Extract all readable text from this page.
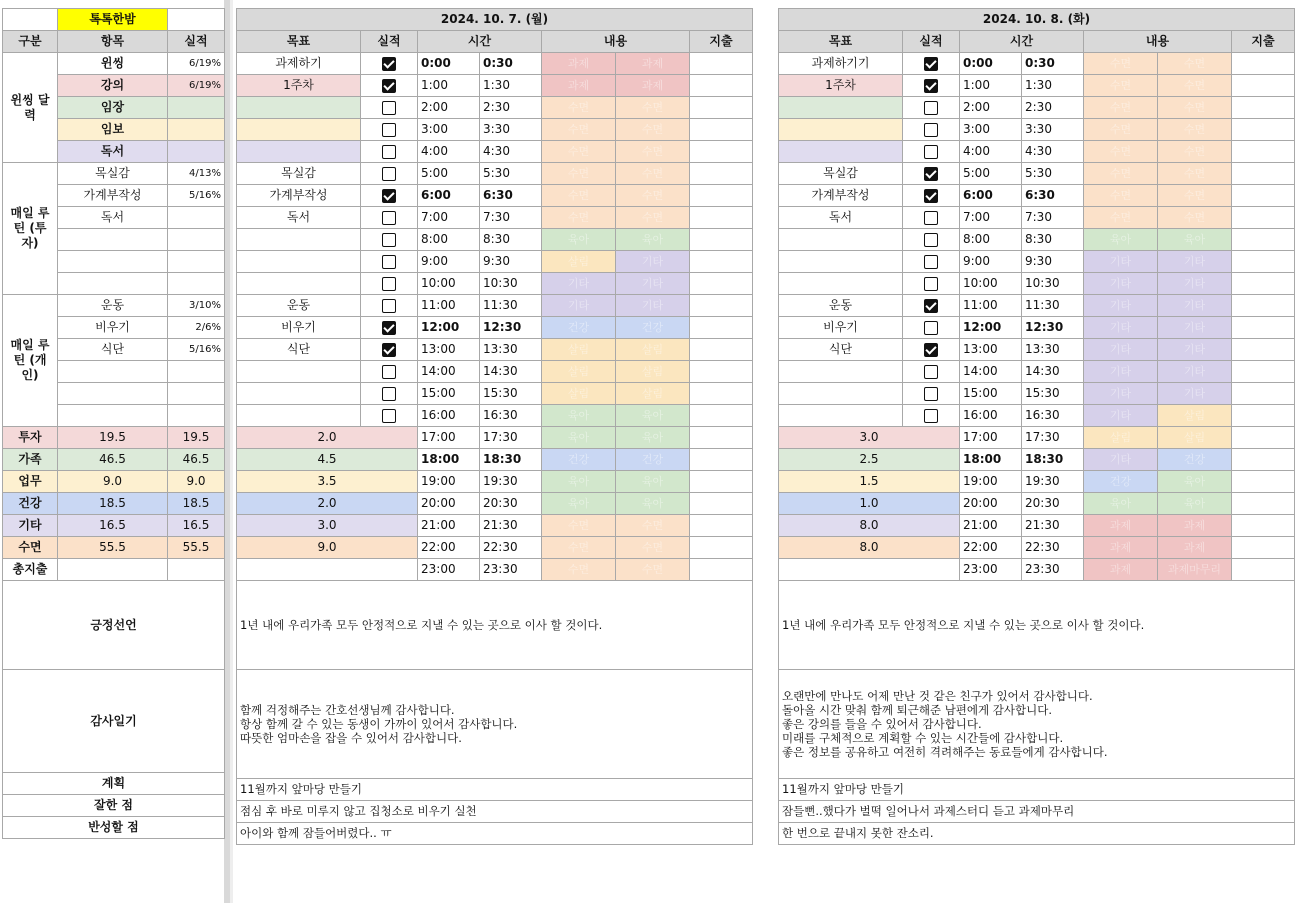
	톡톡한밤	
구분	항목	실적
윈씽 달력	윈씽	6/19%
	강의	6/19%
	임장	
	임보	
	독서	
매일 루틴 (투자)	목실감	4/13%
	가계부작성	5/16%
	독서	

매일 루틴 (개인)	운동	3/10%
	비우기	2/6%
	식단	5/16%

투자	19.5	19.5
가족	46.5	46.5
업무	9.0	9.0
건강	18.5	18.5
기타	16.5	16.5
수면	55.5	55.5
총지출		
긍정선언		
감사일기		
계획		
잘한 점		
반성할 점		
2024. 10. 7. (월)						
목표	실적	시간		내용		지출
과제하기		0:00	0:30	과제	과제	
1주차		1:00	1:30	과제	과제	
		2:00	2:30	수면	수면	
		3:00	3:30	수면	수면	
		4:00	4:30	수면	수면	
목실감		5:00	5:30	수면	수면	
가계부작성		6:00	6:30	수면	수면	
독서		7:00	7:30	수면	수면	
		8:00	8:30	육아	육아	
		9:00	9:30	살림	기타	
		10:00	10:30	기타	기타	
운동		11:00	11:30	기타	기타	
비우기		12:00	12:30	건강	건강	
식단		13:00	13:30	살림	살림	
		14:00	14:30	살림	살림	
		15:00	15:30	살림	살림	
		16:00	16:30	육아	육아	
2.0		17:00	17:30	육아	육아	
4.5		18:00	18:30	건강	건강	
3.5		19:00	19:30	육아	육아	
2.0		20:00	20:30	육아	육아	
3.0		21:00	21:30	수면	수면	
9.0		22:00	22:30	수면	수면	
		23:00	23:30	수면	수면	
1년 내에 우리가족 모두 안정적으로 지낼 수 있는 곳으로 이사 할 것이다.						
함께 걱정해주는 간호선생님께 감사합니다.
항상 함께 갈 수 있는 동생이 가까이 있어서 감사합니다.
따뜻한 엄마손을 잡을 수 있어서 감사합니다.						
11월까지 앞마당 만들기						
점심 후 바로 미루지 않고 집청소로 비우기 실천						
아이와 함께 잠들어버렸다.. ㅠ						
2024. 10. 8. (화)						
목표	실적	시간		내용		지출
과제하기기		0:00	0:30	수면	수면	
1주차		1:00	1:30	수면	수면	
		2:00	2:30	수면	수면	
		3:00	3:30	수면	수면	
		4:00	4:30	수면	수면	
목실감		5:00	5:30	수면	수면	
가계부작성		6:00	6:30	수면	수면	
독서		7:00	7:30	수면	수면	
		8:00	8:30	육아	육아	
		9:00	9:30	기타	기타	
		10:00	10:30	기타	기타	
운동		11:00	11:30	기타	기타	
비우기		12:00	12:30	기타	기타	
식단		13:00	13:30	기타	기타	
		14:00	14:30	기타	기타	
		15:00	15:30	기타	기타	
		16:00	16:30	기타	살림	
3.0		17:00	17:30	살림	살림	
2.5		18:00	18:30	기타	건강	
1.5		19:00	19:30	건강	육아	
1.0		20:00	20:30	육아	육아	
8.0		21:00	21:30	과제	과제	
8.0		22:00	22:30	과제	과제	
		23:00	23:30	과제	과제마무리	
1년 내에 우리가족 모두 안정적으로 지낼 수 있는 곳으로 이사 할 것이다.						
오랜만에 만나도 어제 만난 것 같은 친구가 있어서 감사합니다.
돌아올 시간 맞춰 함께 퇴근해준 남편에게 감사합니다.
좋은 강의를 들을 수 있어서 감사합니다.
미래를 구체적으로 계획할 수 있는 시간들에 감사합니다.
좋은 정보를 공유하고 여전히 격려해주는 동료들에게 감사합니다.						
11월까지 앞마당 만들기						
잠들뻔..했다가 벌떡 일어나서 과제스터디 듣고 과제마무리						
한 번으로 끝내지 못한 잔소리.						
